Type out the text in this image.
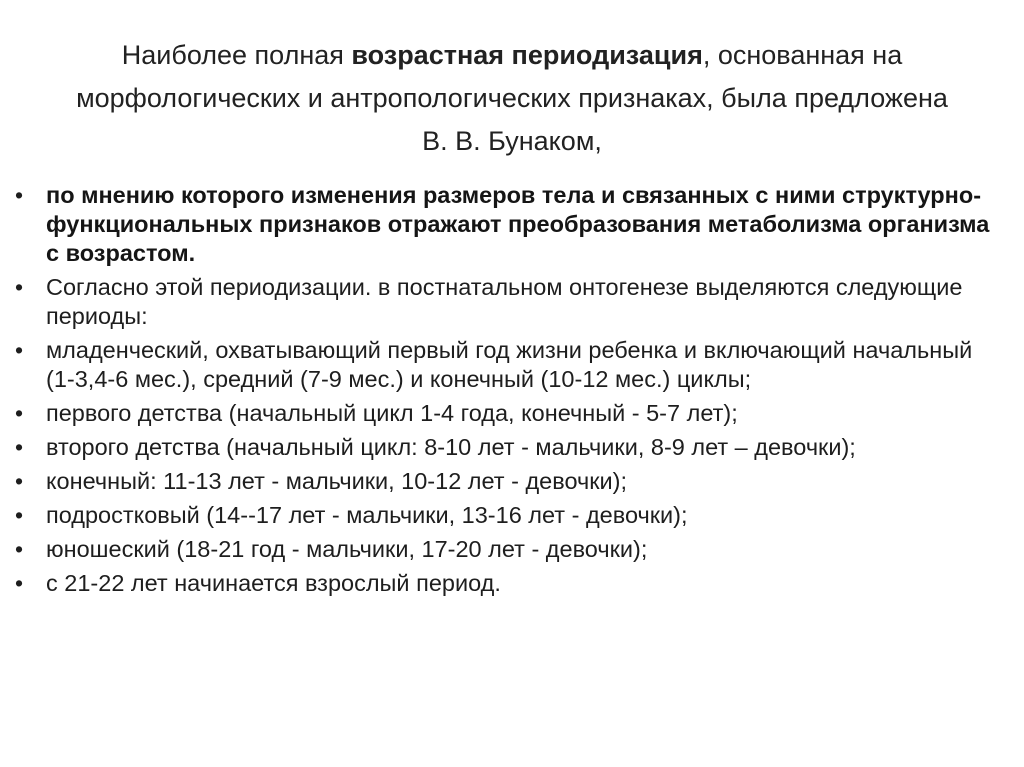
Наиболее полная возрастная периодизация, основанная на морфологических и антропологических признаках, была предложена В. В. Бунаком,
• по мнению которого изменения размеров тела и связанных с ними структурно-функциональных признаков отражают преобразования метаболизма организма с возрастом.
• Согласно этой периодизации. в постнатальном онтогенезе выделяются следующие периоды:
• младенческий, охватывающий первый год жизни ребенка и включающий начальный (1-3,4-6 мес.), средний (7-9 мес.) и конечный (10-12 мес.) циклы;
• первого детства (начальный цикл 1-4 года, конечный - 5-7 лет);
• второго детства (начальный цикл: 8-10 лет - мальчики, 8-9 лет – девочки);
• конечный: 11-13 лет - мальчики, 10-12 лет - девочки);
• подростковый (14--17 лет - мальчики, 13-16 лет - девочки);
• юношеский (18-21 год - мальчики, 17-20 лет - девочки);
• с 21-22 лет начинается взрослый период.
